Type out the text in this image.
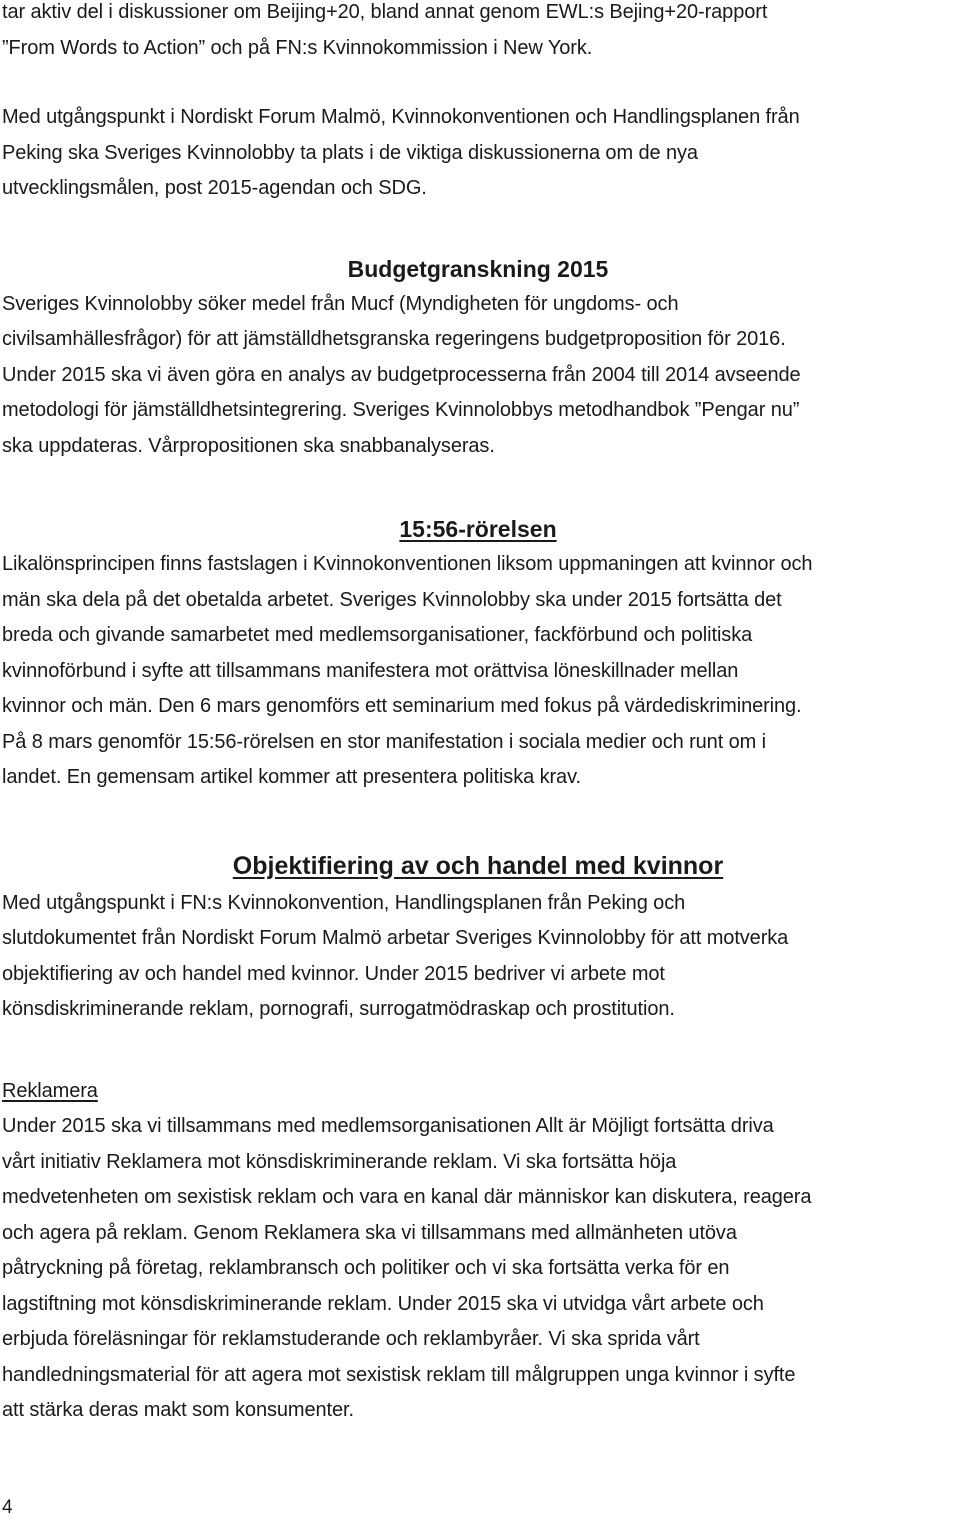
tar aktiv del i diskussioner om Beijing+20, bland annat genom EWL:s Bejing+20-rapport
”From Words to Action” och på FN:s Kvinnokommission i New York.

Med utgångspunkt i Nordiskt Forum Malmö, Kvinnokonventionen och Handlingsplanen från
Peking ska Sveriges Kvinnolobby ta plats i de viktiga diskussionerna om de nya
utvecklingsmålen, post 2015-agendan och SDG.

Budgetgranskning 2015

Sveriges Kvinnolobby söker medel från Mucf (Myndigheten för ungdoms- och
civilsamhällesfrågor) för att jämställdhetsgranska regeringens budgetproposition för 2016.
Under 2015 ska vi även göra en analys av budgetprocesserna från 2004 till 2014 avseende
metodologi för jämställdhetsintegrering. Sveriges Kvinnolobbys metodhandbok ”Pengar nu”
ska uppdateras. Vårpropositionen ska snabbanalyseras.

15:56-rörelsen

Likalönsprincipen finns fastslagen i Kvinnokonventionen liksom uppmaningen att kvinnor och
män ska dela på det obetalda arbetet. Sveriges Kvinnolobby ska under 2015 fortsätta det
breda och givande samarbetet med medlemsorganisationer, fackförbund och politiska
kvinnoförbund i syfte att tillsammans manifestera mot orättvisa löneskillnader mellan
kvinnor och män. Den 6 mars genomförs ett seminarium med fokus på värdediskriminering.
På 8 mars genomför 15:56-rörelsen en stor manifestation i sociala medier och runt om i
landet. En gemensam artikel kommer att presentera politiska krav.

Objektifiering av och handel med kvinnor

Med utgångspunkt i FN:s Kvinnokonvention, Handlingsplanen från Peking och
slutdokumentet från Nordiskt Forum Malmö arbetar Sveriges Kvinnolobby för att motverka
objektifiering av och handel med kvinnor. Under 2015 bedriver vi arbete mot
könsdiskriminerande reklam, pornografi, surrogatmödraskap och prostitution.

Reklamera

Under 2015 ska vi tillsammans med medlemsorganisationen Allt är Möjligt fortsätta driva
vårt initiativ Reklamera mot könsdiskriminerande reklam. Vi ska fortsätta höja
medvetenheten om sexistisk reklam och vara en kanal där människor kan diskutera, reagera
och agera på reklam. Genom Reklamera ska vi tillsammans med allmänheten utöva
påtryckning på företag, reklambransch och politiker och vi ska fortsätta verka för en
lagstiftning mot könsdiskriminerande reklam. Under 2015 ska vi utvidga vårt arbete och
erbjuda föreläsningar för reklamstuderande och reklambyråer. Vi ska sprida vårt
handledningsmaterial för att agera mot sexistisk reklam till målgruppen unga kvinnor i syfte
att stärka deras makt som konsumenter.

4
